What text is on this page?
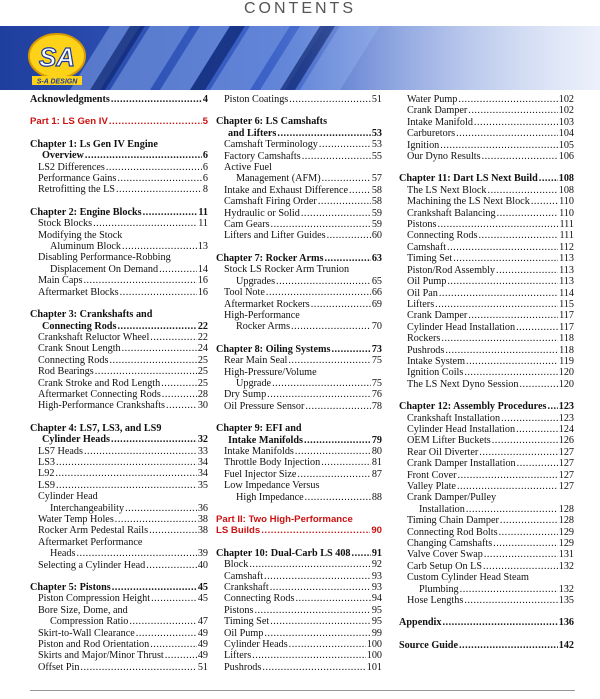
CONTENTS
SA
S-A DESIGN
Acknowledgments .....	4
Part 1: LS Gen IV .....	5
Chapter 1: Ls Gen IV Engine
Overview .....	6
LS2 Differences .....	6
Performance Gains .....	6
Retrofitting the LS .....	8
Chapter 2: Engine Blocks .....	11
Stock Blocks .....	11
Modifying the Stock
Aluminum Block .....	13
Disabling Performance-Robbing
Displacement On Demand .....	14
Main Caps .....	16
Aftermarket Blocks .....	16
Chapter 3: Crankshafts and
Connecting Rods .....	22
Crankshaft Reluctor Wheel .....	22
Crank Snout Length .....	24
Connecting Rods .....	25
Rod Bearings .....	25
Crank Stroke and Rod Length .....	25
Aftermarket Connecting Rods .....	28
High-Performance Crankshafts .....	30
Chapter 4: LS7, LS3, and LS9
Cylinder Heads .....	32
LS7 Heads .....	33
LS3 .....	34
L92 .....	34
LS9 .....	35
Cylinder Head
Interchangeability .....	36
Water Temp Holes .....	38
Rocker Arm Pedestal Rails .....	38
Aftermarket Performance
Heads .....	39
Selecting a Cylinder Head .....	40
Chapter 5: Pistons .....	45
Piston Compression Height .....	45
Bore Size, Dome, and
Compression Ratio .....	47
Skirt-to-Wall Clearance .....	49
Piston and Rod Orientation .....	49
Skirts and Major/Minor Thrust .....	49
Offset Pin .....	51
Piston Coatings .....	51
Chapter 6: LS Camshafts
and Lifters .....	53
Camshaft Terminology .....	53
Factory Camshafts .....	55
Active Fuel
Management (AFM) .....	57
Intake and Exhaust Difference ..... 58
Camshaft Firing Order .....	58
Hydraulic or Solid .....	59
Cam Gears .....	59
Lifters and Lifter Guides .....	60
Chapter 7: Rocker Arms .....	63
Stock LS Rocker Arm Trunion
Upgrades .....	65
Tool Note .....	66
Aftermarket Rockers .....	69
High-Performance
Rocker Arms .....	70
Chapter 8: Oiling Systems .....	73
Rear Main Seal .....	75
High-Pressure/Volume
Upgrade .....	75
Dry Sump .....	76
Oil Pressure Sensor .....	78
Chapter 9: EFI and
Intake Manifolds .....	79
Intake Manifolds .....	80
Throttle Body Injection .....	81
Fuel Injector Size .....	87
Low Impedance Versus
High Impedance .....	88
Part II: Two High-Performance
LS Builds .....	90
Chapter 10: Dual-Carb LS 408 ..... 91
Block .....	92
Camshaft .....	93
Crankshaft .....	93
Connecting Rods .....	94
Pistons .....	95
Timing Set .....	95
Oil Pump .....	99
Cylinder Heads .....	100
Lifters .....	100
Pushrods .....	101
Water Pump .....	102
Crank Damper .....	102
Intake Manifold .....	103
Carburetors .....	104
Ignition .....	105
Our Dyno Results .....	106
Chapter 11: Dart LS Next Build ..... 108
The LS Next Block .....	108
Machining the LS Next Block .....	110
Crankshaft Balancing .....	110
Pistons .....	111
Connecting Rods .....	111
Camshaft .....	112
Timing Set .....	113
Piston/Rod Assembly .....	113
Oil Pump .....	113
Oil Pan .....	114
Lifters .....	115
Crank Damper .....	117
Cylinder Head Installation .....	117
Rockers .....	118
Pushrods .....	118
Intake System .....	119
Ignition Coils .....	120
The LS Next Dyno Session .....	120
Chapter 12: Assembly Procedures ..... 123
Crankshaft Installation .....	123
Cylinder Head Installation .....	124
OEM Lifter Buckets .....	126
Rear Oil Diverter .....	127
Crank Damper Installation .....	127
Front Cover .....	127
Valley Plate .....	127
Crank Damper/Pulley
Installation .....	128
Timing Chain Damper .....	128
Connecting Rod Bolts .....	129
Changing Camshafts .....	129
Valve Cover Swap .....	131
Carb Setup On LS .....	132
Custom Cylinder Head Steam
Plumbing .....	132
Hose Lengths .....	135
Appendix .....	136
Source Guide .....	142
